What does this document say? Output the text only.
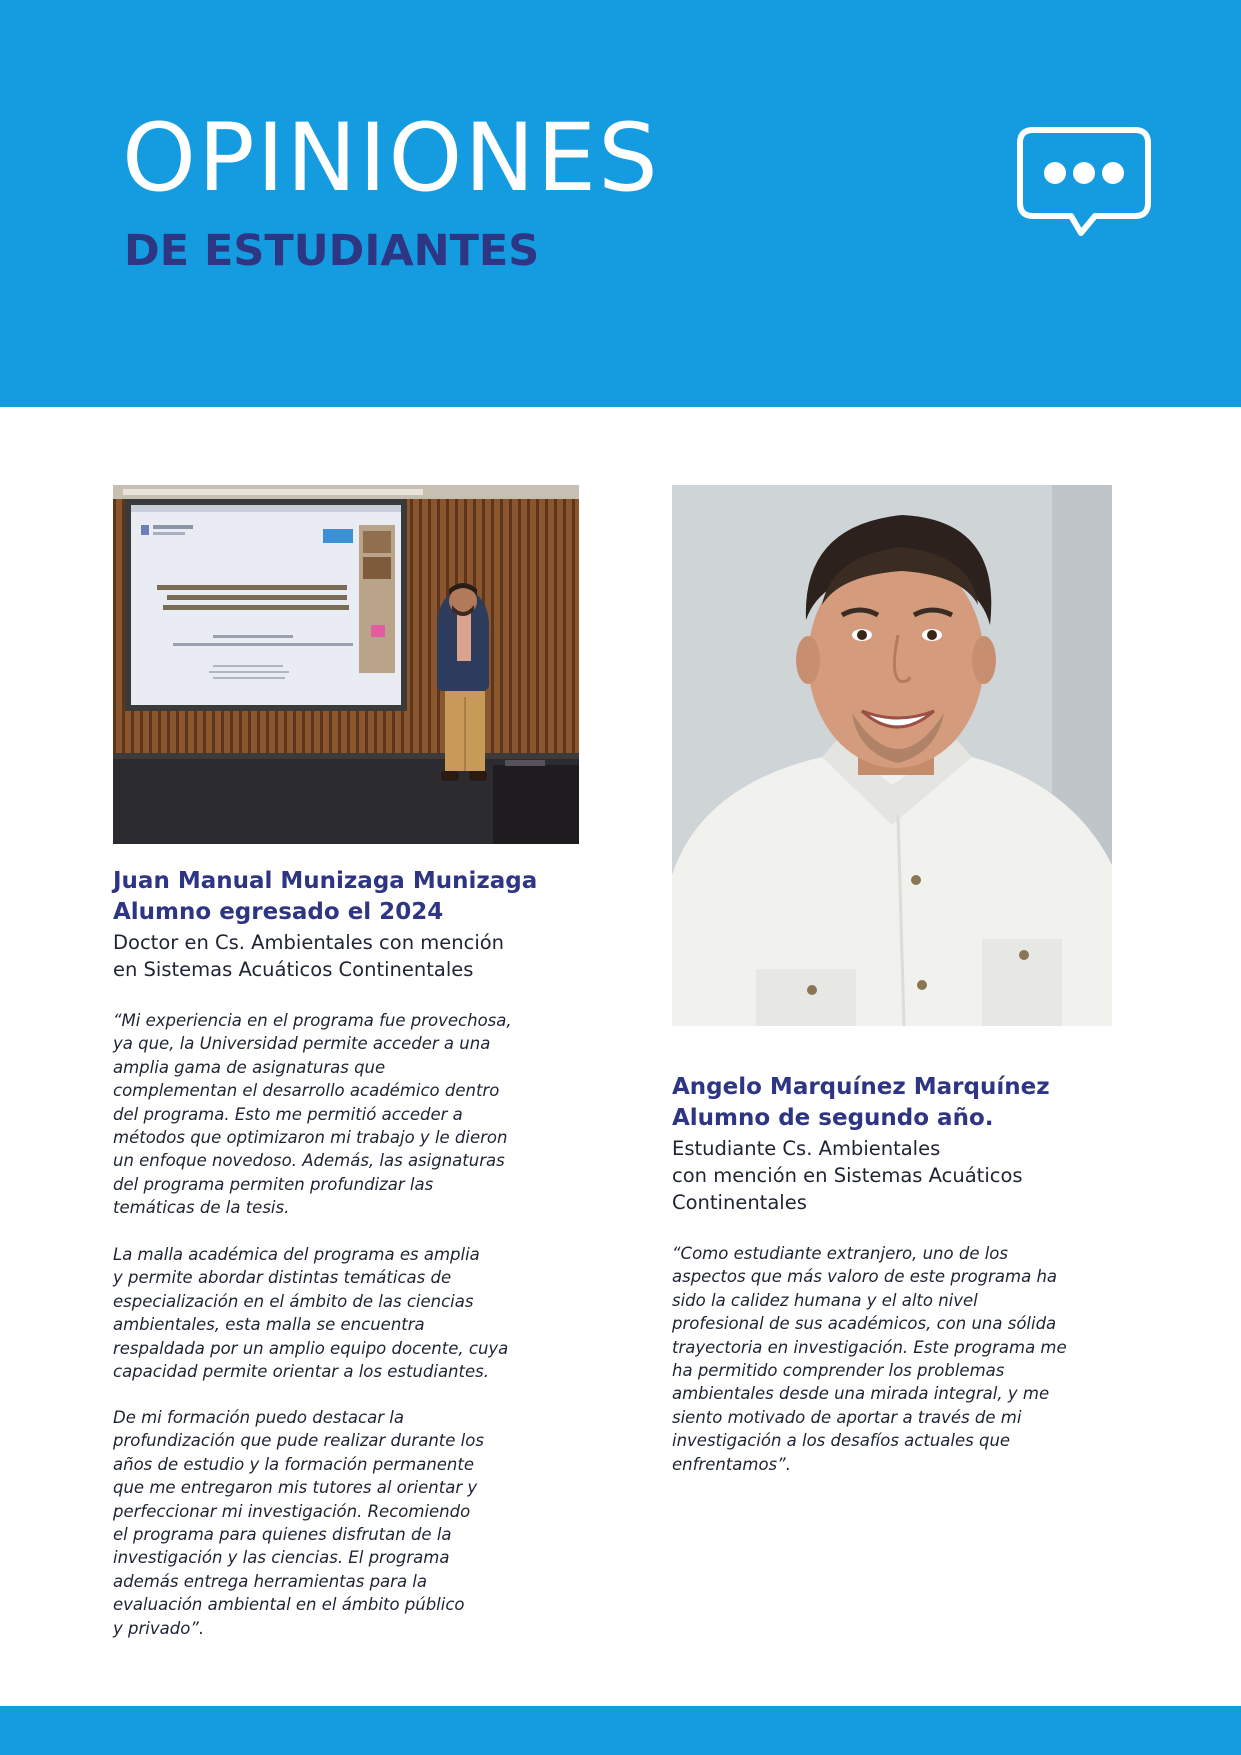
OPINIONES
DE ESTUDIANTES
Juan Manual Munizaga Munizaga
Alumno egresado el 2024

Doctor en Cs. Ambientales con mención

en Sistemas Acuáticos Continentales

“Mi experiencia en el programa fue provechosa,

ya que, la Universidad permite acceder a una

amplia gama de asignaturas que

complementan el desarrollo académico dentro

del programa. Esto me permitió acceder a

métodos que optimizaron mi trabajo y le dieron

un enfoque novedoso. Además, las asignaturas

del programa permiten profundizar las

temáticas de la tesis.

La malla académica del programa es amplia

y permite abordar distintas temáticas de

especialización en el ámbito de las ciencias

ambientales, esta malla se encuentra

respaldada por un amplio equipo docente, cuya

capacidad permite orientar a los estudiantes.

De mi formación puedo destacar la

profundización que pude realizar durante los

años de estudio y la formación permanente

que me entregaron mis tutores al orientar y

perfeccionar mi investigación. Recomiendo

el programa para quienes disfrutan de la

investigación y las ciencias. El programa

además entrega herramientas para la

evaluación ambiental en el ámbito público

y privado”.

Angelo Marquínez Marquínez
Alumno de segundo año.

Estudiante Cs. Ambientales

con mención en Sistemas Acuáticos

Continentales

“Como estudiante extranjero, uno de los

aspectos que más valoro de este programa ha

sido la calidez humana y el alto nivel

profesional de sus académicos, con una sólida

trayectoria en investigación. Este programa me

ha permitido comprender los problemas

ambientales desde una mirada integral, y me

siento motivado de aportar a través de mi

investigación a los desafíos actuales que

enfrentamos”.
